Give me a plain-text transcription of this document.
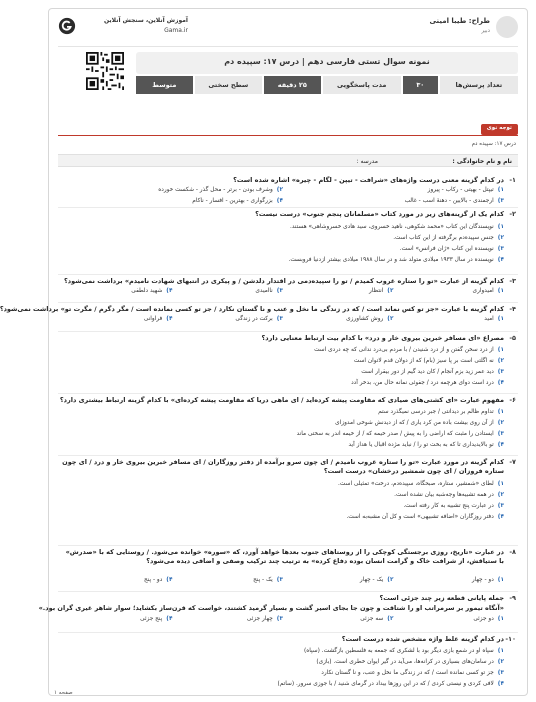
طراح: طیبا امینی
دبیر
آموزش آنلاین، سنجش آنلاین
Gama.ir
نمونه سوال تستی فارسی دهم | درس ۱۷: سپیده دم
تعداد پرسش‌ها
۳۰
مدت پاسخگویی
۲۵ دقیقه
سطح سختی
متوسط
توجه نوی
درس ۱۷: سپیده دم
نام و نام خانوادگی :
مدرسه :
۱-
در کدام گزینه معنی درست واژه‌های «شرافت - تیپن - لگام - چیره» اشاره شده است؟
۱)
تیپتل - بهیتی - رکاب - پیروز
۲)
وشرف بودن - برتر - محل گذر - شکست خورده
۳)
ارجمندی - بالایین - دهنهٔ اسب - غالب
۴)
بزرگواری - بهترین - افسار - ناکام
۲-
کدام یک از گزینه‌های زیر در مورد کتاب «مسلمانان پنجم جنوب» درست نیست؟
۱)
نویسندگان این کتاب «محمد شکوهی، ناهید خسروی، سید هادی خسروشاهی» هستند.
۲)
جنس سپیده‌دم برگرفته از این کتاب است.
۳)
نویسنده این کتاب «ژان فرانس» است.
۴)
نویسنده در سال ۱۹۳۳ میلادی متولد شد و در سال ۱۹۸۸ میلادی بیشتر ازدنیا فروبست.
۳-
کدام گزینه از عبارت «تو را ستاره غروب کمیدم / تو را سپیده‌دمی در اقتدار دلدشن / و پیکری در انتبهای شهادت نامیدم» برداشت نمی‌شود؟
۱)
امیدواری
۲)
انتظار
۳)
ناامیدی
۴)
شهید دلطفی
۴-
کدام گزینه با عبارت «جز تو کس نماند است / که در زندگی ما نخل و عنب و نا گستان نکارد / جز تو کسی نمانده است / مگر دگرم / مگرت تو» برداشت نمی‌شود؟
۱)
امید
۲)
روش کشاورزی
۳)
برکت در زندگی
۴)
فراوانی
۵-
مصراع «ای مسافر خبرین بیروی خار و درد» با کدام بیت ارتباط معنایی دارد؟
۱)
از درد سخن گفتن و از درد شنیدن / با مردم بی‌درد ندانی که چه دردی است
۲)
نه اگلتی است بر پا سیز (بام) که از دولان قدم لاتوان است
۳)
دید عمر زید بزم آنجام / کان دید گیم از دور بیقرار است
۴)
درد است دوای هرچمه درد / جفوئی نمانه حال من، بدخر آدد
۶-
مفهوم عبارت «ای کشتی‌های صیادی که مقاومت پیشه کرده‌اید / ای ماهی دریا که مقاومت پیشه کرده‌ای» با کدام گزینه ارتباط بیشتری دارد؟
۱)
تداوم ظالم بر دیدانتی / جبر د‌رسی نمیگذرد ستم
۲)
از آن روی بیشت باده من کرد یاری / که از دیدنش شوخی امدوزای
۳)
ایستادن را مثبت که اراضی را به پیش / صدر خیمه که / از خیمه اندر به سختی ماند
۴)
تو بالایدیداری تا که به بخت تو را / نباید مژده اقبال یا هداز آید
۷-
کدام گزینه در مورد عبارت «تو را ستاره غروب نامیدم / ای چون سرو برآمده از دفتر روزگاران / ای مسافر خبرین بیروی خار و درد / ای چون ستاره فروزان / ای چون شمشیر درخشان» درست است؟
۱)
لطای «شمشیر، ستاره، صبحگاه، سپیده‌دم، درخت» تمثیلی است.
۲)
در همه تشبیه‌ها وجه‌شبه بیان نشده است.
۳)
در عبارت پنج تشبیه به کار رفته است.
۴)
دفتر روزگاران «اضافه تشبیهی» است و کل آن مشبه‌به است.
۸-
در عبارت «تاریخ، روزی برجستگی کوچکی را از روستاهای جنوب بعدها خواهد آورد، که «سوره» خوانده می‌شود. / روستایی که با «صدرش» با ستیاقش، از شرافت خاک و گرامت انسان بوده دفاع کرده» به ترتیب چند ترکیب وصفی و اضافی دیده می‌شود؟
۱)
دو - چهار
۲)
یک - چهار
۳)
یک - پنج
۴)
دو - پنج
۹-
جمله پایانی قطعه زیر چند جزئی است؟
«آنگاه تیمور بر سرمراتب او را شتاقت و چون جا بجای اسیر گشت و بسیار گرمید کشتند، خواست که قرن‌ساز بکشاید؛ سوار شاهر غیری گران بود.»
۱)
دو جزئی
۲)
سه جزئی
۳)
چهار جزئی
۴)
پنج جزئی
۱۰-
در کدام گزینه غلط واژه مشخص شده درست است؟
۱)
سپاه او در شمع بازی دیگر بود با لشکری که جمعه به فلسطین بازگشت. (سپاه)
۲)
در سامان‌های بسیاری در کرانه‌ها، می‌آید در گیر ایوان خطری است. (بازی)
۳)
جز تو کسی نمانده است / که در زندگی ما نخل و عنب، و نا گستان نکارد
۴)
لافی کردی و نیستی کردی / که در این روزها بیداد در گرمای شنید / با جوزی سرور. (ساتم)
صفحه ۱
